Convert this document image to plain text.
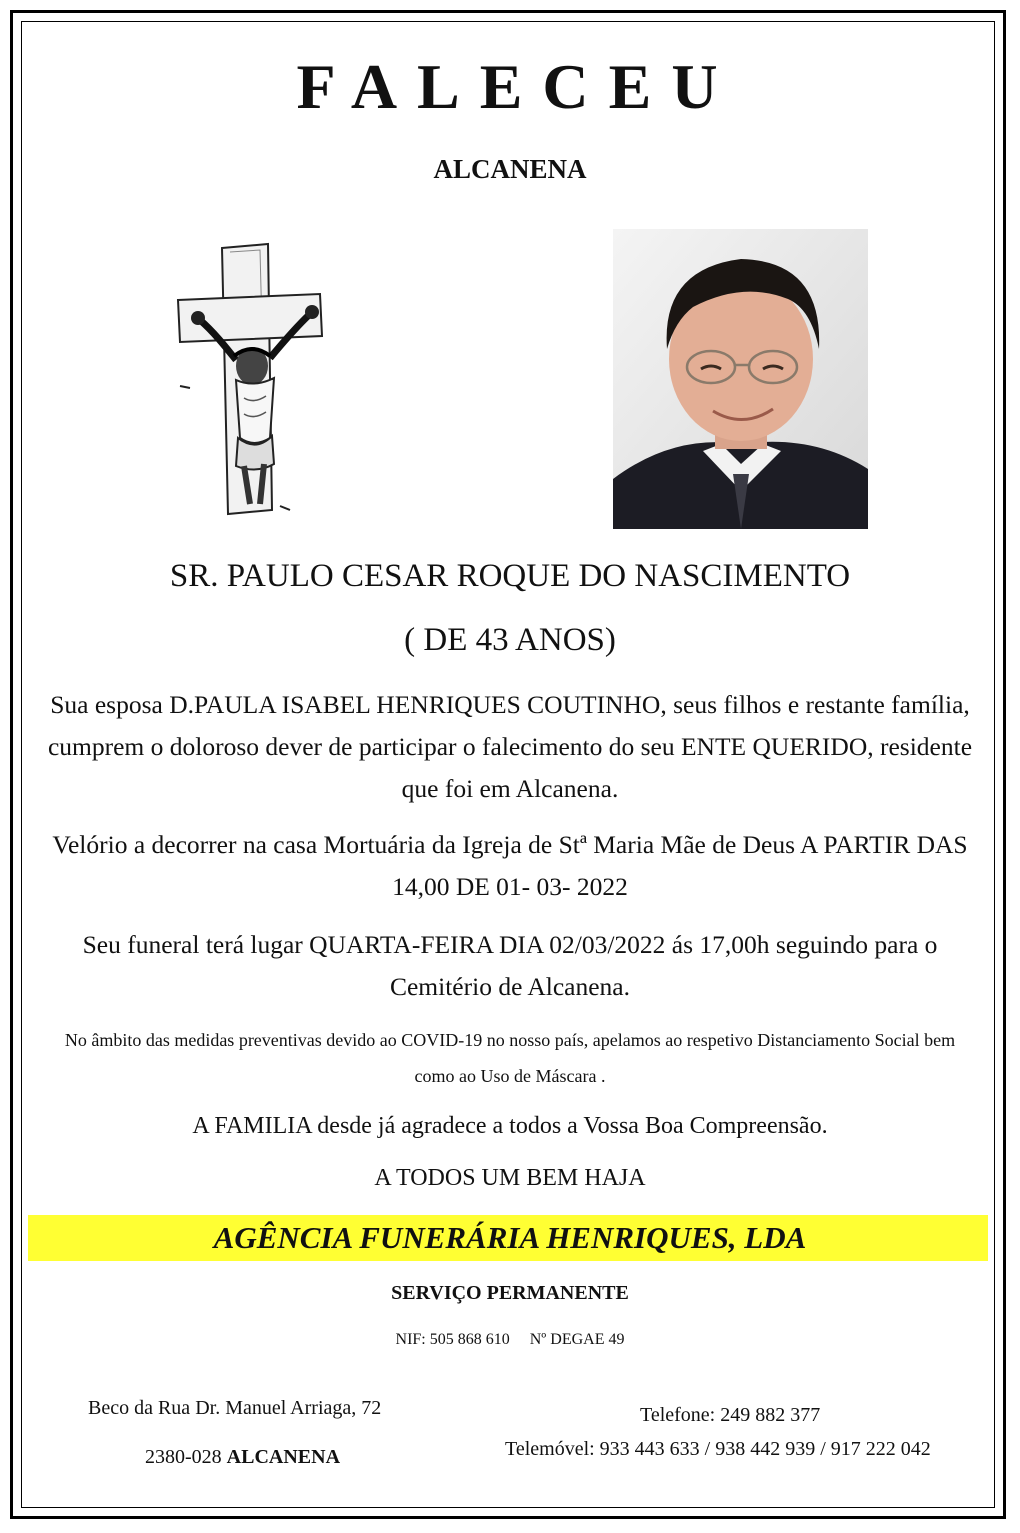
FALECEU
ALCANENA
SR. PAULO CESAR ROQUE DO NASCIMENTO
( DE 43 ANOS)
Sua esposa D.PAULA ISABEL HENRIQUES COUTINHO, seus filhos e restante família, cumprem o doloroso dever de participar o falecimento do seu ENTE QUERIDO, residente que foi em Alcanena.
Velório a decorrer na casa Mortuária da Igreja de Stª Maria Mãe de Deus A PARTIR DAS 14,00 DE 01- 03- 2022
Seu funeral terá lugar QUARTA-FEIRA DIA 02/03/2022 ás 17,00h seguindo para o Cemitério de Alcanena.
No âmbito das medidas preventivas devido ao COVID-19 no nosso país, apelamos ao respetivo Distanciamento Social bem como ao Uso de Máscara .
A FAMILIA desde já agradece a todos a Vossa Boa Compreensão.
A TODOS UM BEM HAJA
AGÊNCIA FUNERÁRIA HENRIQUES, LDA
SERVIÇO PERMANENTE
NIF: 505 868 610 Nº DEGAE 49
Beco da Rua Dr. Manuel Arriaga, 72
2380-028 ALCANENA
Telefone: 249 882 377
Telemóvel: 933 443 633 / 938 442 939 / 917 222 042
